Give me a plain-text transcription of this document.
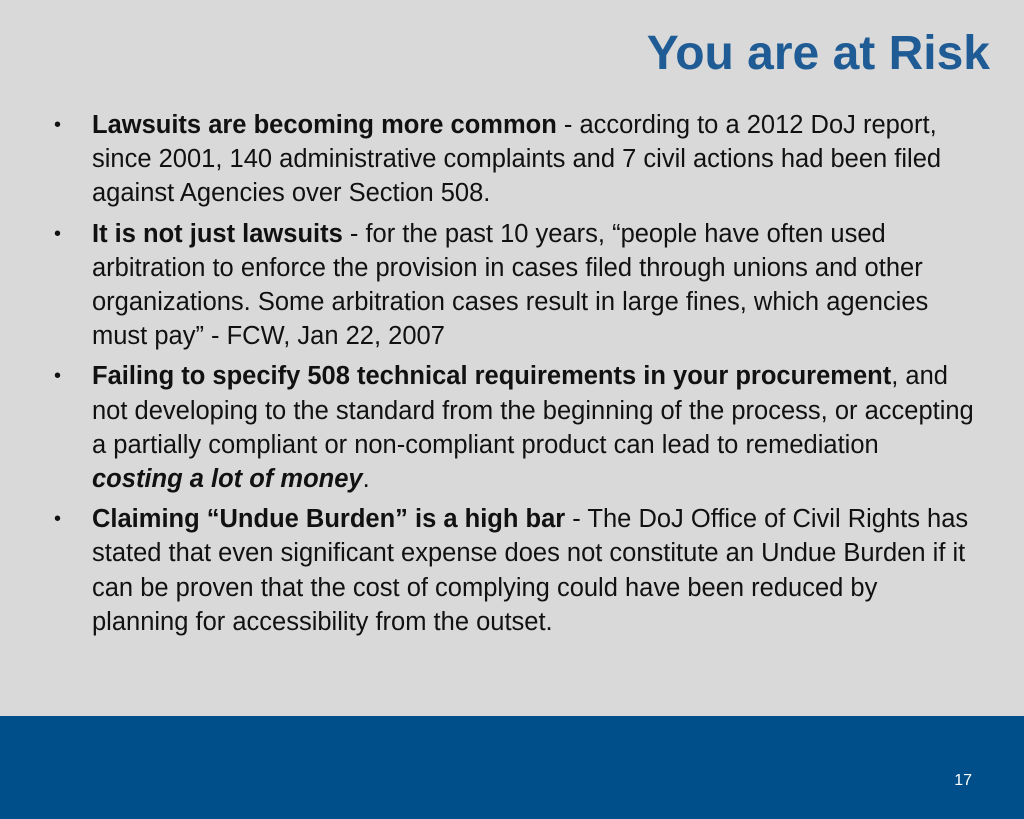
You are at Risk
•	Lawsuits are becoming more common - according to a 2012 DoJ report, since 2001, 140 administrative complaints and 7 civil actions had been filed against Agencies over Section 508.
•	It is not just lawsuits - for the past 10 years, “people have often used arbitration to enforce the provision in cases filed through unions and other organizations. Some arbitration cases result in large fines, which agencies must pay” - FCW, Jan 22, 2007
•	Failing to specify 508 technical requirements in your procurement, and not developing to the standard from the beginning of the process, or accepting a partially compliant or non-compliant product can lead to remediation costing a lot of money.
•	Claiming “Undue Burden” is a high bar - The DoJ Office of Civil Rights has stated that even significant expense does not constitute an Undue Burden if it can be proven that the cost of complying could have been reduced by planning for accessibility from the outset.
17
